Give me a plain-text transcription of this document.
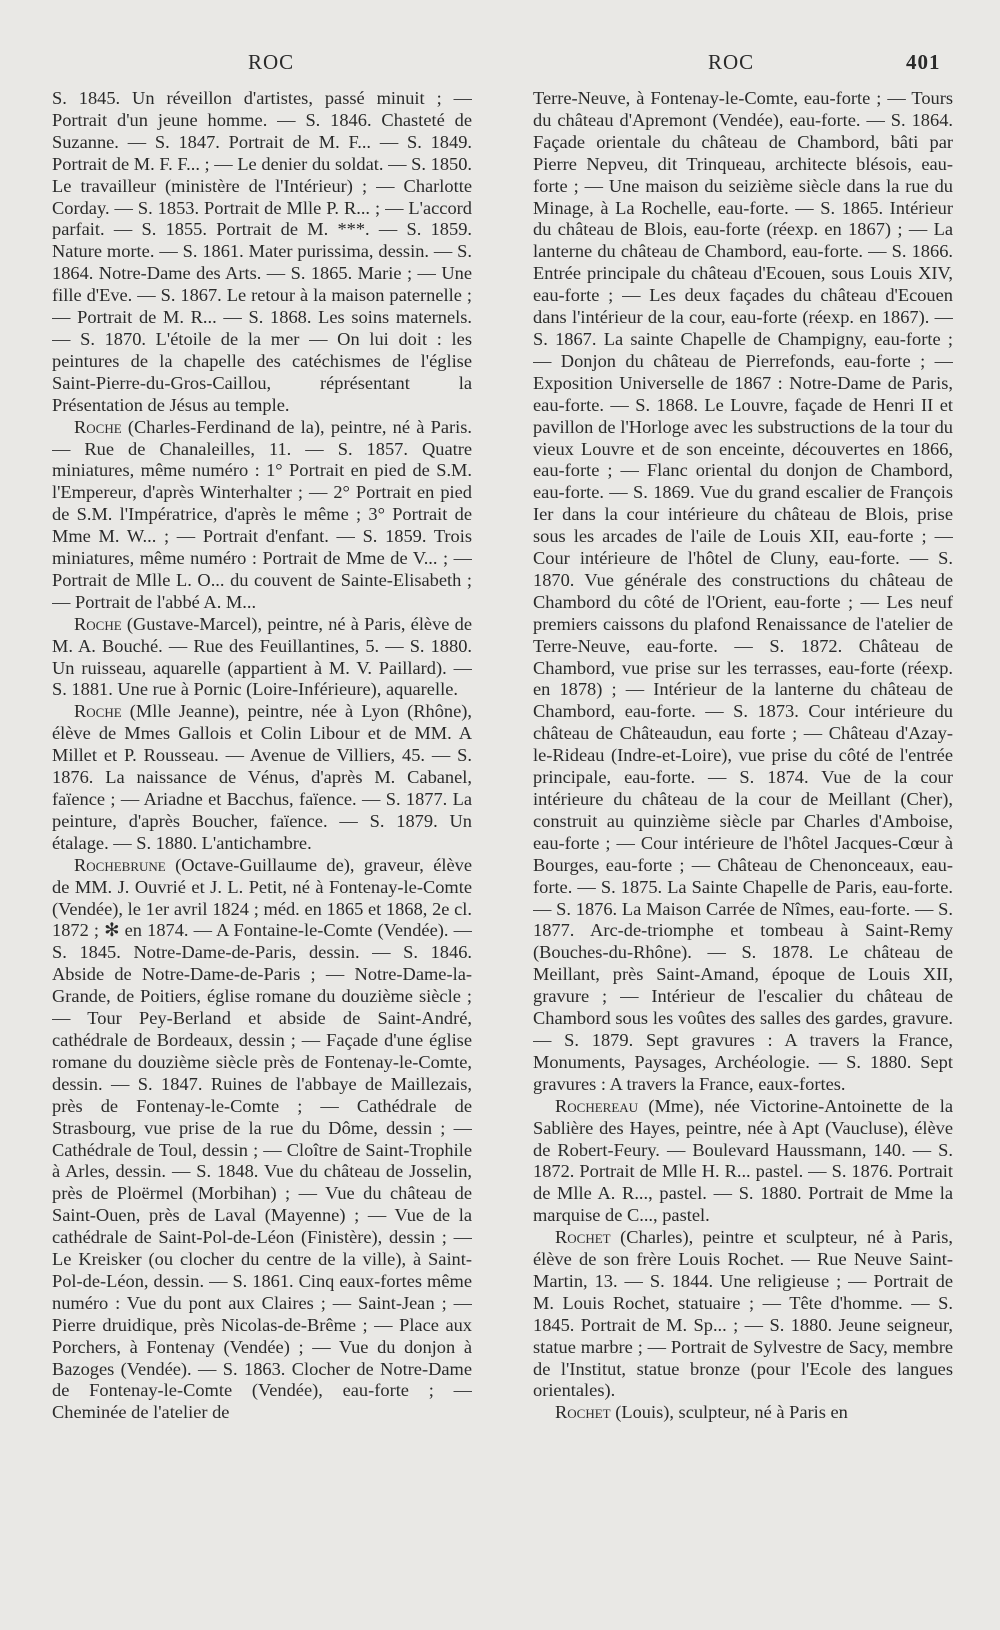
ROC	ROC	401

S. 1845. Un réveillon d'artistes, passé minuit ; — Portrait d'un jeune homme. — S. 1846. Chasteté de Suzanne. — S. 1847. Portrait de M. F... — S. 1849. Portrait de M. F. F... ; — Le denier du soldat. — S. 1850. Le travailleur (ministère de l'Intérieur) ; — Charlotte Corday. — S. 1853. Portrait de Mlle P. R... ; — L'accord parfait. — S. 1855. Portrait de M. ***. — S. 1859. Nature morte. — S. 1861. Mater purissima, dessin. — S. 1864. Notre-Dame des Arts. — S. 1865. Marie ; — Une fille d'Eve. — S. 1867. Le retour à la maison paternelle ; — Portrait de M. R... — S. 1868. Les soins maternels. — S. 1870. L'étoile de la mer — On lui doit : les peintures de la chapelle des catéchismes de l'église Saint-Pierre-du-Gros-Caillou, réprésentant la Présentation de Jésus au temple.

Roche (Charles-Ferdinand de la), peintre, né à Paris. — Rue de Chanaleilles, 11. — S. 1857. Quatre miniatures, même numéro : 1° Portrait en pied de S.M. l'Empereur, d'après Winterhalter ; — 2° Portrait en pied de S.M. l'Impératrice, d'après le même ; 3° Portrait de Mme M. W... ; — Portrait d'enfant. — S. 1859. Trois miniatures, même numéro : Portrait de Mme de V... ; — Portrait de Mlle L. O... du couvent de Sainte-Elisabeth ; — Portrait de l'abbé A. M...

Roche (Gustave-Marcel), peintre, né à Paris, élève de M. A. Bouché. — Rue des Feuillantines, 5. — S. 1880. Un ruisseau, aquarelle (appartient à M. V. Paillard). — S. 1881. Une rue à Pornic (Loire-Inférieure), aquarelle.

Roche (Mlle Jeanne), peintre, née à Lyon (Rhône), élève de Mmes Gallois et Colin Libour et de MM. A Millet et P. Rousseau. — Avenue de Villiers, 45. — S. 1876. La naissance de Vénus, d'après M. Cabanel, faïence ; — Ariadne et Bacchus, faïence. — S. 1877. La peinture, d'après Boucher, faïence. — S. 1879. Un étalage. — S. 1880. L'antichambre.

Rochebrune (Octave-Guillaume de), graveur, élève de MM. J. Ouvrié et J. L. Petit, né à Fontenay-le-Comte (Vendée), le 1er avril 1824 ; méd. en 1865 et 1868, 2e cl. 1872 ; ✻ en 1874. — A Fontaine-le-Comte (Vendée). — S. 1845. Notre-Dame-de-Paris, dessin. — S. 1846. Abside de Notre-Dame-de-Paris ; — Notre-Dame-la-Grande, de Poitiers, église romane du douzième siècle ; — Tour Pey-Berland et abside de Saint-André, cathédrale de Bordeaux, dessin ; — Façade d'une église romane du douzième siècle près de Fontenay-le-Comte, dessin. — S. 1847. Ruines de l'abbaye de Maillezais, près de Fontenay-le-Comte ; — Cathédrale de Strasbourg, vue prise de la rue du Dôme, dessin ; — Cathédrale de Toul, dessin ; — Cloître de Saint-Trophile à Arles, dessin. — S. 1848. Vue du château de Josselin, près de Ploërmel (Morbihan) ; — Vue du château de Saint-Ouen, près de Laval (Mayenne) ; — Vue de la cathédrale de Saint-Pol-de-Léon (Finistère), dessin ; — Le Kreisker (ou clocher du centre de la ville), à Saint-Pol-de-Léon, dessin. — S. 1861. Cinq eaux-fortes même numéro : Vue du pont aux Claires ; — Saint-Jean ; — Pierre druidique, près Nicolas-de-Brême ; — Place aux Porchers, à Fontenay (Vendée) ; — Vue du donjon à Bazoges (Vendée). — S. 1863. Clocher de Notre-Dame de Fontenay-le-Comte (Vendée), eau-forte ; — Cheminée de l'atelier de

Terre-Neuve, à Fontenay-le-Comte, eau-forte ; — Tours du château d'Apremont (Vendée), eau-forte. — S. 1864. Façade orientale du château de Chambord, bâti par Pierre Nepveu, dit Trinqueau, architecte blésois, eau-forte ; — Une maison du seizième siècle dans la rue du Minage, à La Rochelle, eau-forte. — S. 1865. Intérieur du château de Blois, eau-forte (réexp. en 1867) ; — La lanterne du château de Chambord, eau-forte. — S. 1866. Entrée principale du château d'Ecouen, sous Louis XIV, eau-forte ; — Les deux façades du château d'Ecouen dans l'intérieur de la cour, eau-forte (réexp. en 1867). — S. 1867. La sainte Chapelle de Champigny, eau-forte ; — Donjon du château de Pierrefonds, eau-forte ; — Exposition Universelle de 1867 : Notre-Dame de Paris, eau-forte. — S. 1868. Le Louvre, façade de Henri II et pavillon de l'Horloge avec les substructions de la tour du vieux Louvre et de son enceinte, découvertes en 1866, eau-forte ; — Flanc oriental du donjon de Chambord, eau-forte. — S. 1869. Vue du grand escalier de François Ier dans la cour intérieure du château de Blois, prise sous les arcades de l'aile de Louis XII, eau-forte ; — Cour intérieure de l'hôtel de Cluny, eau-forte. — S. 1870. Vue générale des constructions du château de Chambord du côté de l'Orient, eau-forte ; — Les neuf premiers caissons du plafond Renaissance de l'atelier de Terre-Neuve, eau-forte. — S. 1872. Château de Chambord, vue prise sur les terrasses, eau-forte (réexp. en 1878) ; — Intérieur de la lanterne du château de Chambord, eau-forte. — S. 1873. Cour intérieure du château de Châteaudun, eau forte ; — Château d'Azay-le-Rideau (Indre-et-Loire), vue prise du côté de l'entrée principale, eau-forte. — S. 1874. Vue de la cour intérieure du château de la cour de Meillant (Cher), construit au quinzième siècle par Charles d'Amboise, eau-forte ; — Cour intérieure de l'hôtel Jacques-Cœur à Bourges, eau-forte ; — Château de Chenonceaux, eau-forte. — S. 1875. La Sainte Chapelle de Paris, eau-forte. — S. 1876. La Maison Carrée de Nîmes, eau-forte. — S. 1877. Arc-de-triomphe et tombeau à Saint-Remy (Bouches-du-Rhône). — S. 1878. Le château de Meillant, près Saint-Amand, époque de Louis XII, gravure ; — Intérieur de l'escalier du château de Chambord sous les voûtes des salles des gardes, gravure. — S. 1879. Sept gravures : A travers la France, Monuments, Paysages, Archéologie. — S. 1880. Sept gravures : A travers la France, eaux-fortes.

Rochereau (Mme), née Victorine-Antoinette de la Sablière des Hayes, peintre, née à Apt (Vaucluse), élève de Robert-Feury. — Boulevard Haussmann, 140. — S. 1872. Portrait de Mlle H. R... pastel. — S. 1876. Portrait de Mlle A. R..., pastel. — S. 1880. Portrait de Mme la marquise de C..., pastel.

Rochet (Charles), peintre et sculpteur, né à Paris, élève de son frère Louis Rochet. — Rue Neuve Saint-Martin, 13. — S. 1844. Une religieuse ; — Portrait de M. Louis Rochet, statuaire ; — Tête d'homme. — S. 1845. Portrait de M. Sp... ; — S. 1880. Jeune seigneur, statue marbre ; — Portrait de Sylvestre de Sacy, membre de l'Institut, statue bronze (pour l'Ecole des langues orientales).

Rochet (Louis), sculpteur, né à Paris en
